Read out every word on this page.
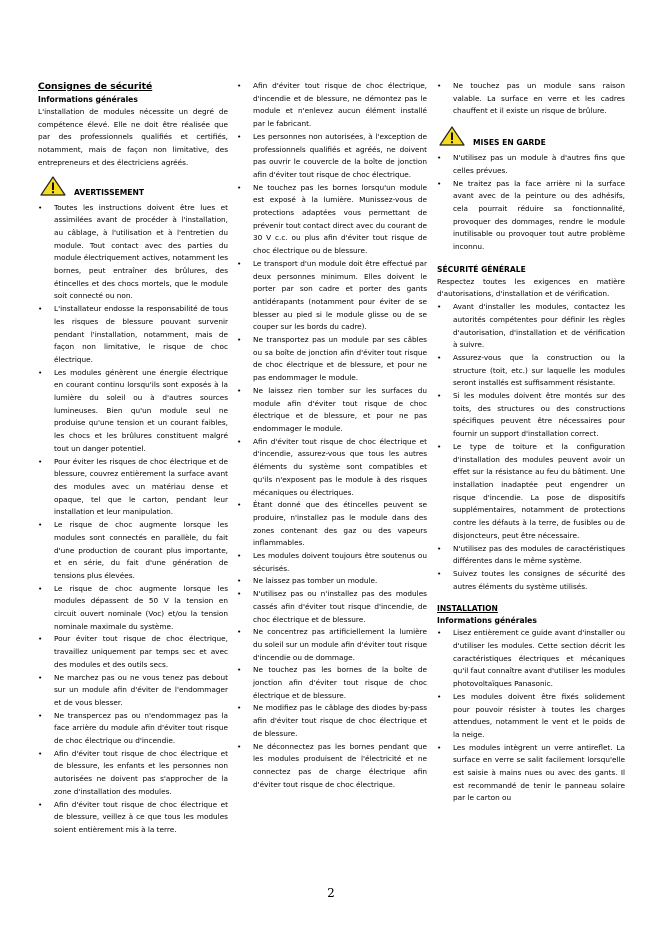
Consignes de sécurité
Informations générales
L'installation de modules nécessite un degré de compétence élevé. Elle ne doit être réalisée que par des professionnels qualifiés et certifiés, notamment, mais de façon non limitative, des entrepreneurs et des électriciens agréés.
AVERTISSEMENT
• Toutes les instructions doivent être lues et assimilées avant de procéder à l'installation, au câblage, à l'utilisation et à l'entretien du module. Tout contact avec des parties du module électriquement actives, notamment les bornes, peut entraîner des brûlures, des étincelles et des chocs mortels, que le module soit connecté ou non.
• L'installateur endosse la responsabilité de tous les risques de blessure pouvant survenir pendant l'installation, notamment, mais de façon non limitative, le risque de choc électrique.
• Les modules génèrent une énergie électrique en courant continu lorsqu'ils sont exposés à la lumière du soleil ou à d'autres sources lumineuses. Bien qu'un module seul ne produise qu'une tension et un courant faibles, les chocs et les brûlures constituent malgré tout un danger potentiel.
• Pour éviter les risques de choc électrique et de blessure, couvrez entièrement la surface avant des modules avec un matériau dense et opaque, tel que le carton, pendant leur installation et leur manipulation.
• Le risque de choc augmente lorsque les modules sont connectés en parallèle, du fait d'une production de courant plus importante, et en série, du fait d'une génération de tensions plus élevées.
• Le risque de choc augmente lorsque les modules dépassent de 50 V la tension en circuit ouvert nominale (Voc) et/ou la tension nominale maximale du système.
• Pour éviter tout risque de choc électrique, travaillez uniquement par temps sec et avec des modules et des outils secs.
• Ne marchez pas ou ne vous tenez pas debout sur un module afin d'éviter de l'endommager et de vous blesser.
• Ne transpercez pas ou n'endommagez pas la face arrière du module afin d'éviter tout risque de choc électrique ou d'incendie.
• Afin d'éviter tout risque de choc électrique et de blessure, les enfants et les personnes non autorisées ne doivent pas s'approcher de la zone d'installation des modules.
• Afin d'éviter tout risque de choc électrique et de blessure, veillez à ce que tous les modules soient entièrement mis à la terre.
• Afin d'éviter tout risque de choc électrique, d'incendie et de blessure, ne démontez pas le module et n'enlevez aucun élément installé par le fabricant.
• Les personnes non autorisées, à l'exception de professionnels qualifiés et agréés, ne doivent pas ouvrir le couvercle de la boîte de jonction afin d'éviter tout risque de choc électrique.
• Ne touchez pas les bornes lorsqu'un module est exposé à la lumière. Munissez-vous de protections adaptées vous permettant de prévenir tout contact direct avec du courant de 30 V c.c. ou plus afin d'éviter tout risque de choc électrique ou de blessure.
• Le transport d'un module doit être effectué par deux personnes minimum. Elles doivent le porter par son cadre et porter des gants antidérapants (notamment pour éviter de se blesser au pied si le module glisse ou de se couper sur les bords du cadre).
• Ne transportez pas un module par ses câbles ou sa boîte de jonction afin d'éviter tout risque de choc électrique et de blessure, et pour ne pas endommager le module.
• Ne laissez rien tomber sur les surfaces du module afin d'éviter tout risque de choc électrique et de blessure, et pour ne pas endommager le module.
• Afin d'éviter tout risque de choc électrique et d'incendie, assurez-vous que tous les autres éléments du système sont compatibles et qu'ils n'exposent pas le module à des risques mécaniques ou électriques.
• Étant donné que des étincelles peuvent se produire, n'installez pas le module dans des zones contenant des gaz ou des vapeurs inflammables.
• Les modules doivent toujours être soutenus ou sécurisés.
• Ne laissez pas tomber un module.
• N'utilisez pas ou n'installez pas des modules cassés afin d'éviter tout risque d'incendie, de choc électrique et de blessure.
• Ne concentrez pas artificiellement la lumière du soleil sur un module afin d'éviter tout risque d'incendie ou de dommage.
• Ne touchez pas les bornes de la boîte de jonction afin d'éviter tout risque de choc électrique et de blessure.
• Ne modifiez pas le câblage des diodes by-pass afin d'éviter tout risque de choc électrique et de blessure.
• Ne déconnectez pas les bornes pendant que les modules produisent de l'électricité et ne connectez pas de charge électrique afin d'éviter tout risque de choc électrique.
• Ne touchez pas un module sans raison valable. La surface en verre et les cadres chauffent et il existe un risque de brûlure.
MISES EN GARDE
• N'utilisez pas un module à d'autres fins que celles prévues.
• Ne traitez pas la face arrière ni la surface avant avec de la peinture ou des adhésifs, cela pourrait réduire sa fonctionnalité, provoquer des dommages, rendre le module inutilisable ou provoquer tout autre problème inconnu.
SÉCURITÉ GÉNÉRALE
Respectez toutes les exigences en matière d'autorisations, d'installation et de vérification.
• Avant d'installer les modules, contactez les autorités compétentes pour définir les règles d'autorisation, d'installation et de vérification à suivre.
• Assurez-vous que la construction ou la structure (toit, etc.) sur laquelle les modules seront installés est suffisamment résistante.
• Si les modules doivent être montés sur des toits, des structures ou des constructions spécifiques peuvent être nécessaires pour fournir un support d'installation correct.
• Le type de toiture et la configuration d'installation des modules peuvent avoir un effet sur la résistance au feu du bâtiment. Une installation inadaptée peut engendrer un risque d'incendie. La pose de dispositifs supplémentaires, notamment de protections contre les défauts à la terre, de fusibles ou de disjoncteurs, peut être nécessaire.
• N'utilisez pas des modules de caractéristiques différentes dans le même système.
• Suivez toutes les consignes de sécurité des autres éléments du système utilisés.
INSTALLATION
Informations générales
• Lisez entièrement ce guide avant d'installer ou d'utiliser les modules. Cette section décrit les caractéristiques électriques et mécaniques qu'il faut connaître avant d'utiliser les modules photovoltaïques Panasonic.
• Les modules doivent être fixés solidement pour pouvoir résister à toutes les charges attendues, notamment le vent et le poids de la neige.
• Les modules intègrent un verre antireflet. La surface en verre se salit facilement lorsqu'elle est saisie à mains nues ou avec des gants. Il est recommandé de tenir le panneau solaire par le carton ou
2
